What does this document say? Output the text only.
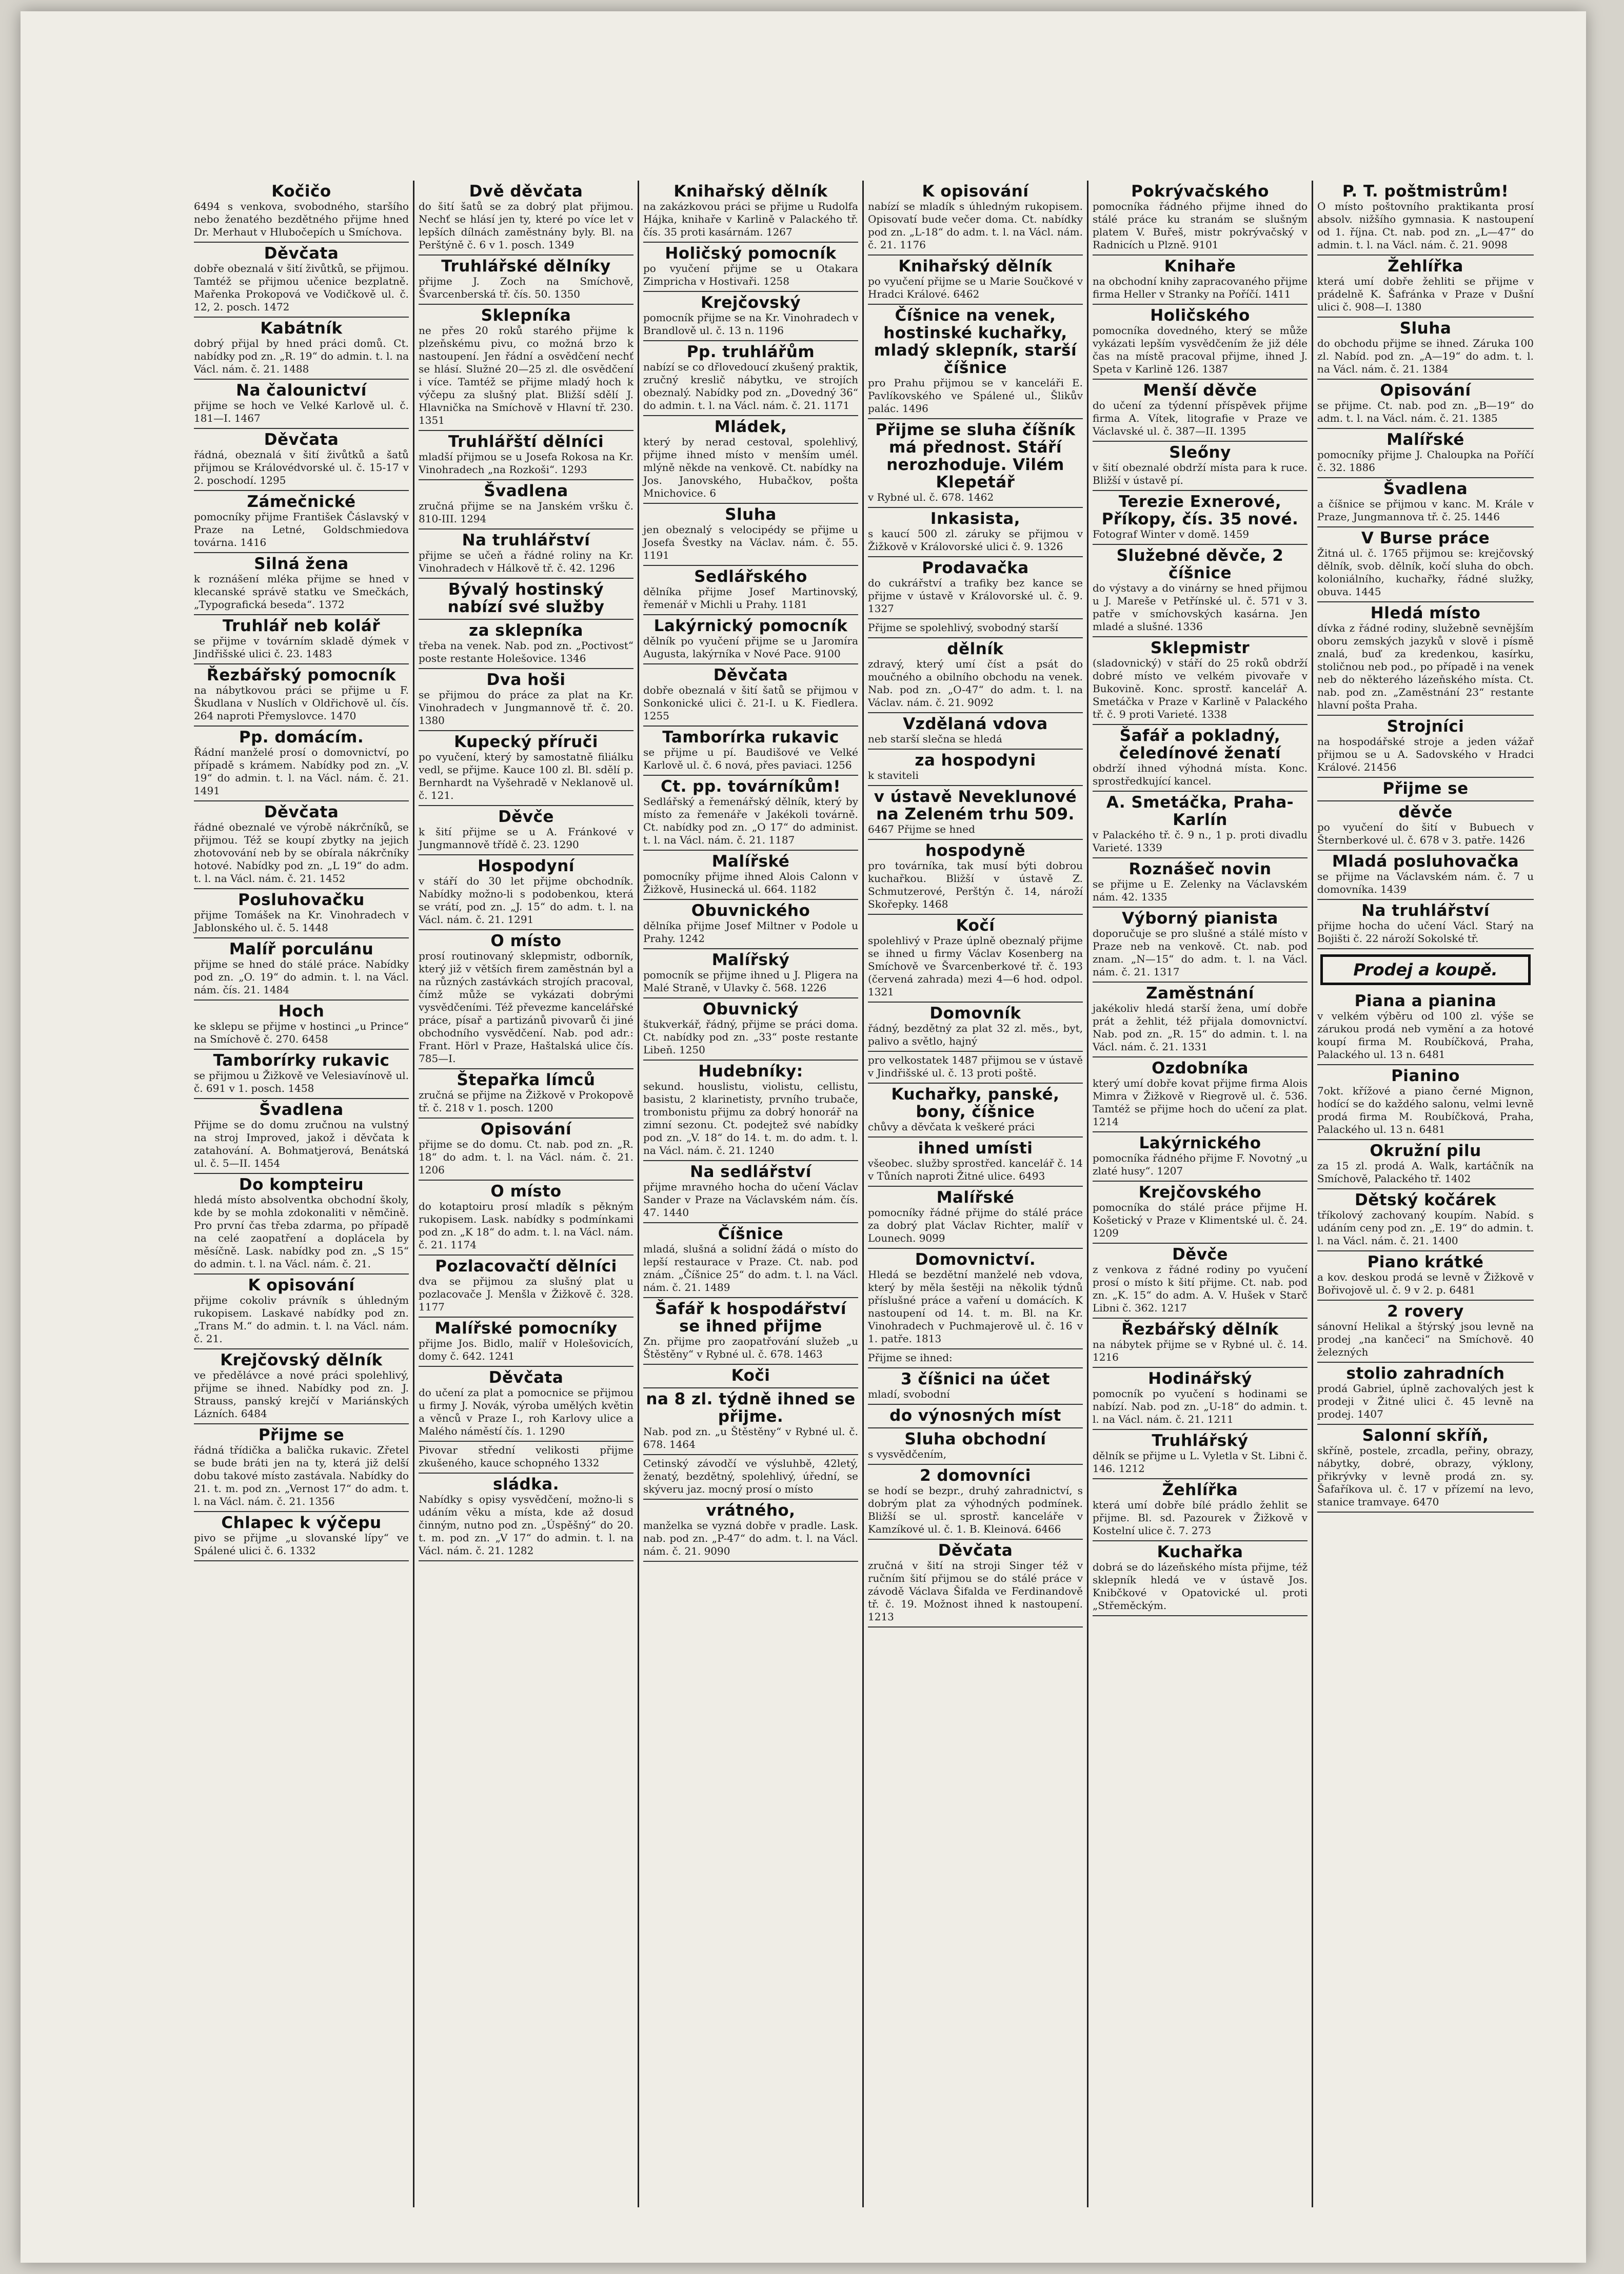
Kočičo
6494 s venkova, svobodného, staršího nebo ženatého bezdětného přijme hned Dr. Merhaut v Hlubočepích u Smíchova.
Děvčata
dobře obeznalá v šití živůtků, se přijmou. Tamtéž se přijmou učenice bezplatně. Mařenka Prokopová ve Vodičkově ul. č. 12, 2. posch. 1472
Kabátník
dobrý přijal by hned práci domů. Ct. nabídky pod zn. „R. 19“ do admin. t. l. na Václ. nám. č. 21. 1488
Na čalounictví
přijme se hoch ve Velké Karlově ul. č. 181—I. 1467
Děvčata
řádná, obeznalá v šití živůtků a šatů přijmou se Královédvorské ul. č. 15-17 v 2. poschodí. 1295
Zámečnické
pomocníky přijme František Čáslavský v Praze na Letné, Goldschmiedova továrna. 1416
Silná žena
k roznášení mléka přijme se hned v klecanské správě statku ve Smečkách, „Typografická beseda“. 1372
Truhlář neb kolář
se přijme v továrním skladě dýmek v Jindřišské ulici č. 23. 1483
Řezbářský pomocník
na nábytkovou práci se přijme u F. Škudlana v Nuslích v Oldřichově ul. čís. 264 naproti Přemyslovce. 1470
Pp. domácím.
Řádní manželé prosí o domovnictví, po případě s krámem. Nabídky pod zn. „V. 19“ do admin. t. l. na Václ. nám. č. 21. 1491
Děvčata
řádné obeznalé ve výrobě nákrčníků, se přijmou. Též se koupí zbytky na jejich zhotovování neb by se obírala nákrčníky hotové. Nabídky pod zn. „L 19“ do adm. t. l. na Václ. nám. č. 21. 1452
Posluhovačku
přijme Tomášek na Kr. Vinohradech v Jablonského ul. č. 5. 1448
Malíř porculánu
přijme se hned do stálé práce. Nabídky pod zn. „O. 19“ do admin. t. l. na Václ. nám. čís. 21. 1484
Hoch
ke sklepu se přijme v hostinci „u Prince“ na Smíchově č. 270. 6458
Tamborírky rukavic
se přijmou u Žižkově ve Velesiavínově ul. č. 691 v 1. posch. 1458
Švadlena
Přijme se do domu zručnou na vulstný na stroj Improved, jakož i děvčata k zatahování. A. Bohmatjerová, Benátská ul. č. 5—II. 1454
Do kompteiru
hledá místo absolventka obchodní školy, kde by se mohla zdokonaliti v němčině. Pro první čas třeba zdarma, po případě na celé zaopatření a doplácela by měsíčně. Lask. nabídky pod zn. „S 15“ do admin. t. l. na Václ. nám. č. 21.
K opisování
přijme cokoliv právník s úhledným rukopisem. Laskavé nabídky pod zn. „Trans M.“ do admin. t. l. na Václ. nám. č. 21.
Krejčovský dělník
ve předělávce a nové práci spolehlivý, přijme se ihned. Nabídky pod zn. J. Strauss, panský krejčí v Mariánských Lázních. 6484
Přijme se
řádná třídička a balička rukavic. Zřetel se bude bráti jen na ty, která již delší dobu takové místo zastávala. Nabídky do 21. t. m. pod zn. „Vernost 17“ do adm. t. l. na Václ. nám. č. 21. 1356
Chlapec k výčepu
pivo se přijme „u slovanské lípy“ ve Spálené ulici č. 6. 1332
Dvě děvčata
do šití šatů se za dobrý plat přijmou. Nechť se hlásí jen ty, které po více let v lepších dílnách zaměstnány byly. Bl. na Perštýně č. 6 v 1. posch. 1349
Truhlářské dělníky
přijme J. Zoch na Smíchově, Švarcenberská tř. čís. 50. 1350
Sklepníka
ne přes 20 roků starého přijme k plzeňskému pivu, co možná brzo k nastoupení. Jen řádní a osvědčení nechť se hlásí. Služné 20—25 zl. dle osvědčení i více. Tamtéž se přijme mladý hoch k výčepu za slušný plat. Bližší sdělí J. Hlavnička na Smíchově v Hlavní tř. 230. 1351
Truhlářští dělníci
mladší přijmou se u Josefa Rokosa na Kr. Vinohradech „na Rozkoši“. 1293
Švadlena
zručná přijme se na Janském vršku č. 810-III. 1294
Na truhlářství
přijme se učeň a řádné roliny na Kr. Vinohradech v Hálkově tř. č. 42. 1296
Bývalý hostinský nabízí své služby
za sklepníka
třeba na venek. Nab. pod zn. „Poctivost“ poste restante Holešovice. 1346
Dva hoši
se přijmou do práce za plat na Kr. Vinohradech v Jungmannově tř. č. 20. 1380
Kupecký příruči
po vyučení, který by samostatně filiálku vedl, se přijme. Kauce 100 zl. Bl. sdělí p. Bernhardt na Vyšehradě v Neklanově ul. č. 121.
Děvče
k šití přijme se u A. Fránkové v Jungmannově třídě č. 23. 1290
Hospodyní
v stáří do 30 let přijme obchodník. Nabídky možno-li s podobenkou, která se vrátí, pod zn. „J. 15“ do adm. t. l. na Václ. nám. č. 21. 1291
O místo
prosí routinovaný sklepmistr, odborník, který již v větších firem zaměstnán byl a na různých zastávkách strojích pracoval, čímž může se vykázati dobrými vysvědčeními. Též převezme kancelářské práce, písař a partizánů pivovarů či jiné obchodního vysvědčení. Nab. pod adr.: Frant. Hörl v Praze, Haštalská ulice čís. 785—I.
Štepařka límců
zručná se přijme na Žižkově v Prokopově tř. č. 218 v 1. posch. 1200
Opisování
přijme se do domu. Ct. nab. pod zn. „R. 18“ do adm. t. l. na Václ. nám. č. 21. 1206
O místo
do kotaptoiru prosí mladík s pěkným rukopisem. Lask. nabídky s podmínkami pod zn. „K 18“ do adm. t. l. na Václ. nám. č. 21. 1174
Pozlacovačtí dělníci
dva se přijmou za slušný plat u pozlacovače J. Menšla v Žižkově č. 328. 1177
Malířské pomocníky
přijme Jos. Bidlo, malíř v Holešovicích, domy č. 642. 1241
Děvčata
do učení za plat a pomocnice se přijmou u firmy J. Novák, výroba umělých květin a věnců v Praze I., roh Karlovy ulice a Malého náměstí čís. 1. 1290
Pivovar střední velikosti přijme zkušeného, kauce schopného 1332
sládka.
Nabídky s opisy vysvědčení, možno-li s udáním věku a místa, kde až dosud činným, nutno pod zn. „Úspěšný“ do 20. t. m. pod zn. „V 17“ do admin. t. l. na Václ. nám. č. 21. 1282
Knihařský dělník
na zakázkovou práci se přijme u Rudolfa Hájka, knihaře v Karlině v Palackého tř. čís. 35 proti kasárnám. 1267
Holičský pomocník
po vyučení přijme se u Otakara Zimpricha v Hostivaři. 1258
Krejčovský
pomocník přijme se na Kr. Vinohradech v Brandlově ul. č. 13 n. 1196
Pp. truhlářům
nabízí se co dřlovedoucí zkušený praktik, zručný kreslič nábytku, ve strojích obeznalý. Nabídky pod zn. „Dovedný 36“ do admin. t. l. na Václ. nám. č. 21. 1171
Mládek,
který by nerad cestoval, spolehlivý, přijme ihned místo v menším umél. mlýně někde na venkově. Ct. nabídky na Jos. Janovského, Hubačkov, pošta Mnichovice. 6
Sluha
jen obeznalý s velocipédy se přijme u Josefa Švestky na Václav. nám. č. 55. 1191
Sedlářského
dělníka přijme Josef Martinovský, řemenář v Michli u Prahy. 1181
Lakýrnický pomocník
dělník po vyučení přijme se u Jaromíra Augusta, lakýrníka v Nové Pace. 9100
Děvčata
dobře obeznalá v šití šatů se přijmou v Sonkonické ulici č. 21-I. u K. Fiedlera. 1255
Tamborírka rukavic
se přijme u pí. Baudišové ve Velké Karlově ul. č. 6 nová, přes paviaci. 1256
Ct. pp. továrníkům!
Sedlářský a řemenářský dělník, který by místo za řemenáře v Jakékoli továrně. Ct. nabídky pod zn. „O 17“ do administ. t. l. na Václ. nám. č. 21. 1187
Malířské
pomocníky přijme ihned Alois Calonn v Žižkově, Husinecká ul. 664. 1182
Obuvnického
dělníka přijme Josef Miltner v Podole u Prahy. 1242
Malířský
pomocník se přijme ihned u J. Pligera na Malé Straně, v Ulavky č. 568. 1226
Obuvnický
štukverkář, řádný, přijme se práci doma. Ct. nabídky pod zn. „33“ poste restante Libeň. 1250
Hudebníky:
sekund. houslistu, violistu, cellistu, basistu, 2 klarinetisty, prvního trubače, trombonistu přijmu za dobrý honorář na zimní sezonu. Ct. podejtež své nabídky pod zn. „V. 18“ do 14. t. m. do adm. t. l. na Václ. nám. č. 21. 1240
Na sedlářství
přijme mravného hocha do učení Václav Sander v Praze na Václavském nám. čís. 47. 1440
Číšnice
mladá, slušná a solidní žádá o místo do lepší restaurace v Praze. Ct. nab. pod znám. „Číšnice 25“ do adm. t. l. na Václ. nám. č. 21. 1489
Šafář k hospodářství se ihned přijme
Zn. přijme pro zaopatřování služeb „u Štěstěny“ v Rybné ul. č. 678. 1463
Koči
na 8 zl. týdně ihned se přijme.
Nab. pod zn. „u Štěstěny“ v Rybné ul. č. 678. 1464
Cetinský závodčí ve výsluhbě, 42letý, ženatý, bezdětný, spolehlivý, úřední, se skýveru jaz. mocný prosí o místo
vrátného,
manželka se vyzná dobře v pradle. Lask. nab. pod zn. „P-47“ do adm. t. l. na Václ. nám. č. 21. 9090
K opisování
nabízí se mladík s úhledným rukopisem. Opisovatí bude večer doma. Ct. nabídky pod zn. „L-18“ do adm. t. l. na Václ. nám. č. 21. 1176
Knihařský dělník
po vyučení přijme se u Marie Součkové v Hradci Králové. 6462
Číšnice na venek, hostinské kuchařky, mladý sklepník, starší číšnice
pro Prahu přijmou se v kanceláři E. Pavlíkovského ve Spálené ul., Šlikův palác. 1496
Přijme se sluha číšník má přednost. Stáří nerozhoduje. Vilém Klepetář
v Rybné ul. č. 678. 1462
Inkasista,
s kaucí 500 zl. záruky se přijmou v Žižkově v Královorské ulici č. 9. 1326
Prodavačka
do cukrářství a trafiky bez kance se přijme v ústavě v Královorské ul. č. 9. 1327
Přijme se spolehlivý, svobodný starší
dělník
zdravý, který umí číst a psát do moučného a obilního obchodu na venek. Nab. pod zn. „O-47“ do adm. t. l. na Václav. nám. č. 21. 9092
Vzdělaná vdova
neb starší slečna se hledá
za hospodyni
k staviteli
v ústavě Neveklunové na Zeleném trhu 509.
6467 Přijme se hned
hospodyně
pro továrníka, tak musí býti dobrou kuchařkou. Bližší v ústavě Z. Schmutzerové, Perštýn č. 14, nároží Skořepky. 1468
Kočí
spolehlivý v Praze úplně obeznalý přijme se ihned u firmy Václav Kosenberg na Smíchově ve Švarcenberkové tř. č. 193 (červená zahrada) mezi 4—6 hod. odpol. 1321
Domovník
řádný, bezdětný za plat 32 zl. měs., byt, palivo a světlo, hajný
pro velkostatek 1487 přijmou se v ústavě v Jindřišské ul. č. 13 proti poště.
Kuchařky, panské, bony, číšnice
chůvy a děvčata k veškeré práci
ihned umísti
všeobec. služby sprostřed. kancelář č. 14 v Tůních naproti Žitné ulice. 6493
Malířské
pomocníky řádné přijme do stálé práce za dobrý plat Václav Richter, malíř v Lounech. 9099
Domovnictví.
Hledá se bezdětní manželé neb vdova, který by měla šestěji na několik týdnů příslušné práce a vaření u domácích. K nastoupení od 14. t. m. Bl. na Kr. Vinohradech v Puchmajerově ul. č. 16 v 1. patře. 1813
Přijme se ihned:
3 číšnici na účet
mladí, svobodní
do výnosných míst
Sluha obchodní
s vysvědčením,
2 domovníci
se hodí se bezpr., druhý zahradnictví, s dobrým plat za výhodných podmínek. Bližší se ul. sprostř. kanceláře v Kamzíkové ul. č. 1. B. Kleinová. 6466
Děvčata
zručná v šití na stroji Singer též v ručním šití přijmou se do stálé práce v závodě Václava Šifalda ve Ferdinandově tř. č. 19. Možnost ihned k nastoupení. 1213
Pokrývačského
pomocníka řádného přijme ihned do stálé práce ku stranám se slušným platem V. Buřeš, mistr pokrývačský v Radnicích u Plzně. 9101
Knihaře
na obchodní knihy zapracovaného přijme firma Heller v Stranky na Poříčí. 1411
Holičského
pomocníka dovedného, který se může vykázati lepším vysvědčením že již déle čas na místě pracoval přijme, ihned J. Speta v Karlině 126. 1387
Menší děvče
do učení za týdenní příspěvek přijme firma A. Vítek, litografie v Praze ve Václavské ul. č. 387—II. 1395
Sleőny
v šití obeznalé obdrží místa para k ruce. Bližší v ústavě pí.
Terezie Exnerové, Příkopy, čís. 35 nové.
Fotograf Winter v domě. 1459
Služebné děvče, 2 číšnice
do výstavy a do vinárny se hned přijmou u J. Mareše v Petřínské ul. č. 571 v 3. patře v smíchovských kasárna. Jen mladé a slušné. 1336
Sklepmistr
(sladovnický) v stáří do 25 roků obdrží dobré místo ve velkém pivovaře v Bukovině. Konc. sprostř. kancelář A. Smetáčka v Praze v Karlině v Palackého tř. č. 9 proti Varieté. 1338
Šafář a pokladný, čeledínové ženatí
obdrží ihned výhodná místa. Konc. sprostředkující kancel.
A. Smetáčka, Praha-Karlín
v Palackého tř. č. 9 n., 1 p. proti divadlu Varieté. 1339
Roznášeč novin
se přijme u E. Zelenky na Václavském nám. 42. 1335
Výborný pianista
doporučuje se pro slušné a stálé místo v Praze neb na venkově. Ct. nab. pod znam. „N—15“ do adm. t. l. na Václ. nám. č. 21. 1317
Zaměstnání
jakékoliv hledá starší žena, umí dobře prát a žehlit, též přijala domovnictví. Nab. pod zn. „R. 15“ do admin. t. l. na Václ. nám. č. 21. 1331
Ozdobníka
který umí dobře kovat přijme firma Alois Mimra v Žižkově v Riegrově ul. č. 536. Tamtéž se přijme hoch do učení za plat. 1214
Lakýrnického
pomocníka řádného přijme F. Novotný „u zlaté husy“. 1207
Krejčovského
pomocníka do stálé práce přijme H. Košetický v Praze v Klimentské ul. č. 24. 1209
Děvče
z venkova z řádné rodiny po vyučení prosí o místo k šití přijme. Ct. nab. pod zn. „K. 15“ do adm. A. V. Hušek v Starč Libni č. 362. 1217
Řezbářský dělník
na nábytek přijme se v Rybné ul. č. 14. 1216
Hodinářský
pomocník po vyučení s hodinami se nabízí. Nab. pod zn. „U-18“ do admin. t. l. na Václ. nám. č. 21. 1211
Truhlářský
dělník se přijme u L. Vyletla v St. Libni č. 146. 1212
Žehlířka
která umí dobře bílé prádlo žehlit se přijme. Bl. sd. Pazourek v Žižkově v Kostelní ulice č. 7. 273
Kuchařka
dobrá se do lázeňského místa přijme, též sklepník hledá ve v ústavě Jos. Knibčkové v Opatovické ul. proti „Střeměckým.
P. T. poštmistrům!
O místo poštovního praktikanta prosí absolv. nižšího gymnasia. K nastoupení od 1. října. Ct. nab. pod zn. „L—47“ do admin. t. l. na Václ. nám. č. 21. 9098
Žehlířka
která umí dobře žehliti se přijme v prádelně K. Šafránka v Praze v Dušní ulici č. 908—I. 1380
Sluha
do obchodu přijme se ihned. Záruka 100 zl. Nabíd. pod zn. „A—19“ do adm. t. l. na Václ. nám. č. 21. 1384
Opisování
se přijme. Ct. nab. pod zn. „B—19“ do adm. t. l. na Václ. nám. č. 21. 1385
Malířské
pomocníky přijme J. Chaloupka na Poříčí č. 32. 1886
Švadlena
a číšnice se přijmou v kanc. M. Krále v Praze, Jungmannova tř. č. 25. 1446
V Burse práce
Žitná ul. č. 1765 přijmou se: krejčovský dělník, svob. dělník, kočí sluha do obch. koloniálního, kuchařky, řádné služky, obuva. 1445
Hledá místo
dívka z řádné rodiny, služebně sevnějším oboru zemských jazyků v slově i písmě znalá, buď za kredenkou, kasírku, stoličnou neb pod., po případě i na venek neb do některého lázeňského místa. Ct. nab. pod zn. „Zaměstnání 23“ restante hlavní pošta Praha.
Strojníci
na hospodářské stroje a jeden vážař přijmou se u A. Sadovského v Hradci Králové. 21456
Přijme se
děvče
po vyučení do šití v Bubuech v Šternberkové ul. č. 678 v 3. patře. 1426
Mladá posluhovačka
se přijme na Václavském nám. č. 7 u domovníka. 1439
Na truhlářství
přijme hocha do učení Václ. Starý na Bojišti č. 22 nároží Sokolské tř.
Prodej a koupě.
Piana a pianina
v velkém výběru od 100 zl. výše se zárukou prodá neb vymění a za hotové koupí firma M. Roubíčková, Praha, Palackého ul. 13 n. 6481
Pianino
7okt. křížové a piano černé Mignon, hodící se do každého salonu, velmi levně prodá firma M. Roubíčková, Praha, Palackého ul. 13 n. 6481
Okružní pilu
za 15 zl. prodá A. Walk, kartáčník na Smíchově, Palackého tř. 1402
Dětský kočárek
tříkolový zachovaný koupím. Nabíd. s udáním ceny pod zn. „E. 19“ do admin. t. l. na Václ. nám. č. 21. 1400
Piano krátké
a kov. deskou prodá se levně v Žižkově v Bořivojově ul. č. 9 v 2. p. 6481
2 rovery
sánovní Helikal a štýrský jsou levně na prodej „na kančeci“ na Smíchově. 40 železných
stolio zahradních
prodá Gabriel, úplně zachovalých jest k prodeji v Žitné ulici č. 45 levně na prodej. 1407
Salonní skříň,
skříně, postele, zrcadla, peřiny, obrazy, nábytky, dobré, obrazy, výklony, přikrývky v levně prodá zn. sy. Šafaříkova ul. č. 17 v přízemí na levo, stanice tramvaye. 6470
